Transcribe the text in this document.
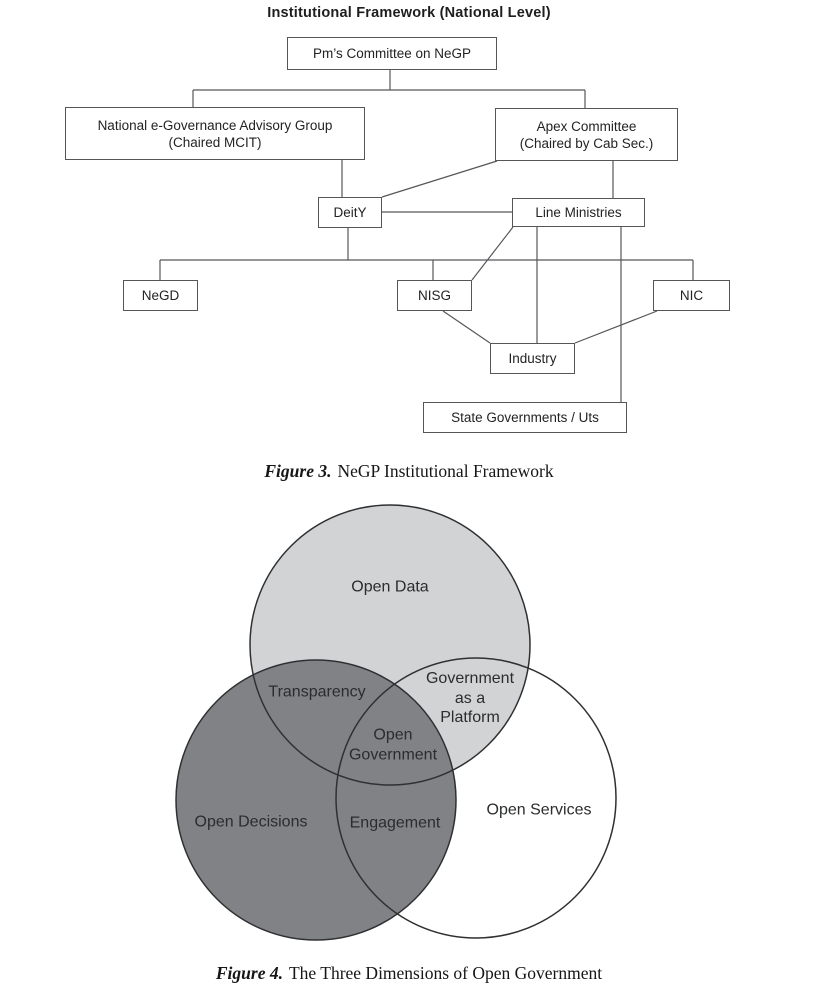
Institutional Framework (National Level)
Pm’s Committee on NeGP
National e-Governance Advisory Group
(Chaired MCIT)
Apex Committee
(Chaired by Cab Sec.)
DeitY	Line Ministries
NeGD	NISG	NIC
Industry
State Governments / Uts
Figure 3. NeGP Institutional Framework
Open Data
Transparency
Government
as a
Platform
Open
Government
Open Decisions	Engagement
Open Services
Figure 4. The Three Dimensions of Open Government
